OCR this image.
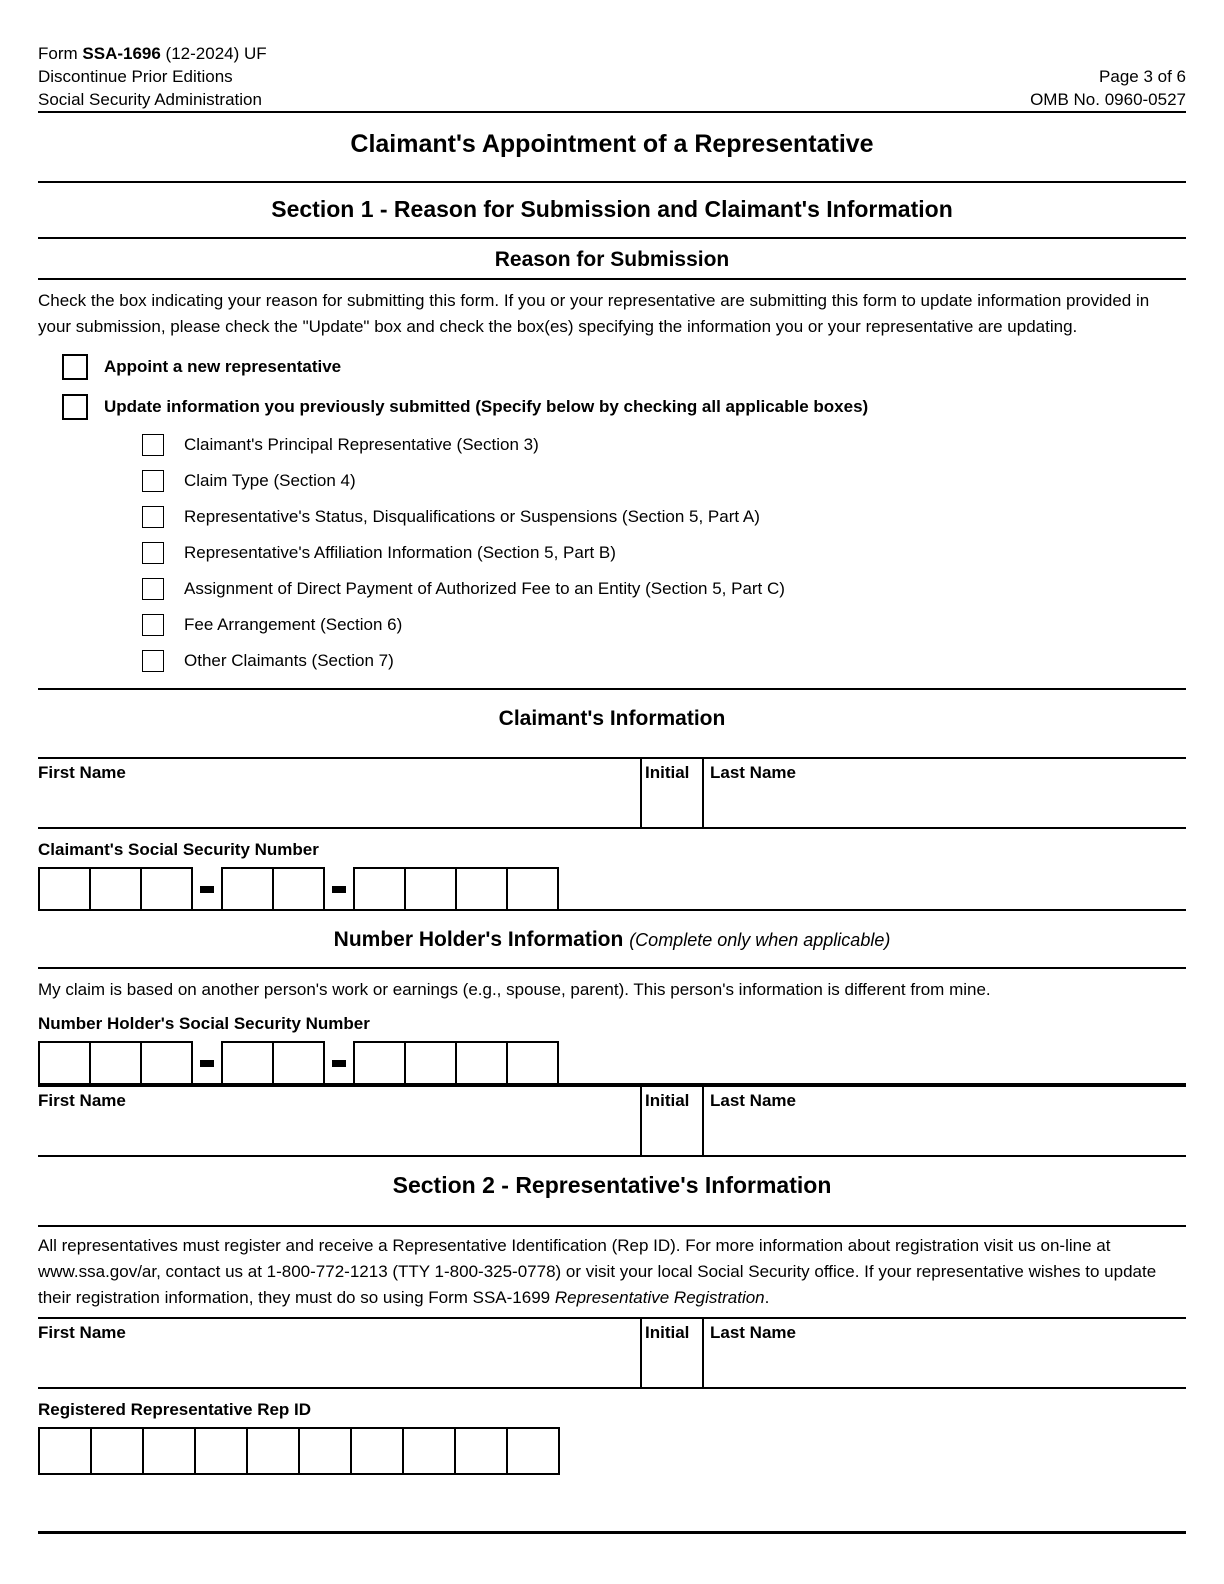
Form SSA-1696 (12-2024) UF
Discontinue Prior Editions
Social Security Administration
Page 3 of 6
OMB No. 0960-0527
Claimant's Appointment of a Representative
Section 1 - Reason for Submission and Claimant's Information
Reason for Submission

Check the box indicating your reason for submitting this form. If you or your representative are submitting this form to update information provided in your submission, please check the "Update" box and check the box(es) specifying the information you or your representative are updating.

Appoint a new representative
Update information you previously submitted (Specify below by checking all applicable boxes)
Claimant's Principal Representative (Section 3)
Claim Type (Section 4)
Representative's Status, Disqualifications or Suspensions (Section 5, Part A)
Representative's Affiliation Information (Section 5, Part B)
Assignment of Direct Payment of Authorized Fee to an Entity (Section 5, Part C)
Fee Arrangement (Section 6)
Other Claimants (Section 7)
Claimant's Information
First Name	Initial	Last Name
Claimant's Social Security Number
Number Holder's Information (Complete only when applicable)

My claim is based on another person's work or earnings (e.g., spouse, parent). This person's information is different from mine.

Number Holder's Social Security Number
First Name	Initial	Last Name
Section 2 - Representative's Information

All representatives must register and receive a Representative Identification (Rep ID). For more information about registration visit us on-line at www.ssa.gov/ar, contact us at 1-800-772-1213 (TTY 1-800-325-0778) or visit your local Social Security office. If your representative wishes to update their registration information, they must do so using Form SSA-1699 Representative Registration.

First Name	Initial	Last Name
Registered Representative Rep ID
